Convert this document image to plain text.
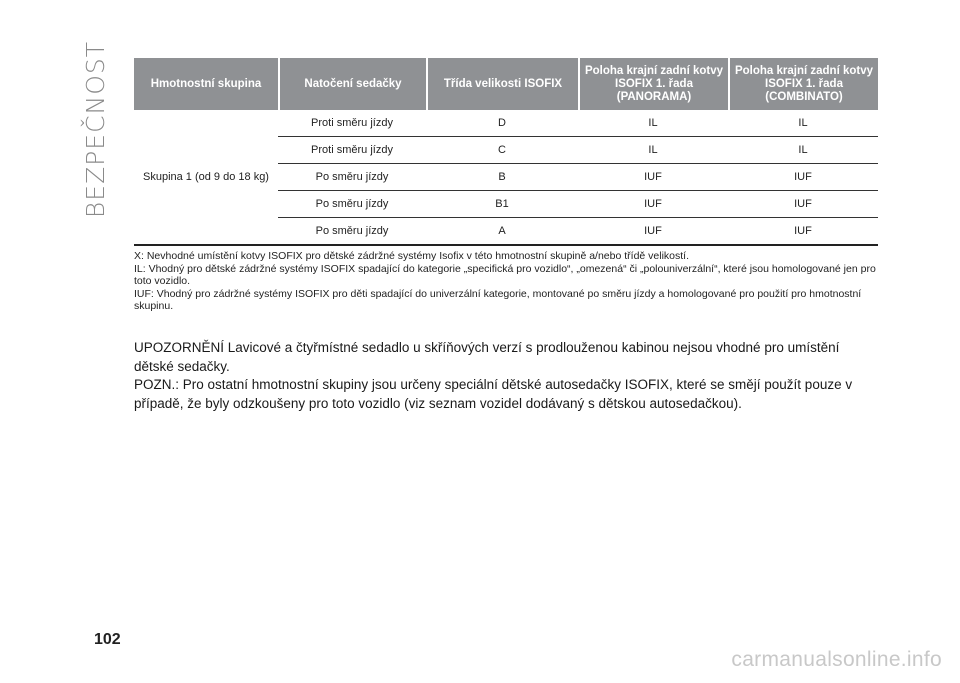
BEZPEČNOST	Hmotnostní skupina	Natočení sedačky	Třída velikosti ISOFIX	Poloha krajní zadní kotvy ISOFIX 1. řada (PANORAMA)	Poloha krajní zadní kotvy ISOFIX 1. řada (COMBINATO)
Skupina 1 (od 9 do 18 kg)	Proti směru jízdy	D	IL	IL
	Proti směru jízdy	C	IL	IL
	Po směru jízdy	B	IUF	IUF
	Po směru jízdy	B1	IUF	IUF
	Po směru jízdy	A	IUF	IUF

X: Nevhodné umístění kotvy ISOFIX pro dětské zádržné systémy Isofix v této hmotnostní skupině a/nebo třídě velikostí.

IL: Vhodný pro dětské zádržné systémy ISOFIX spadající do kategorie „specifická pro vozidlo“, „omezená“ či „polouniverzální“, které jsou homologované jen pro toto vozidlo.

IUF: Vhodný pro zádržné systémy ISOFIX pro děti spadající do univerzální kategorie, montované po směru jízdy a homologované pro použití pro hmotnostní skupinu.

UPOZORNĚNÍ Lavicové a čtyřmístné sedadlo u skříňových verzí s prodlouženou kabinou nejsou vhodné pro umístění dětské sedačky.

POZN.: Pro ostatní hmotnostní skupiny jsou určeny speciální dětské autosedačky ISOFIX, které se smějí použít pouze v případě, že byly odzkoušeny pro toto vozidlo (viz seznam vozidel dodávaný s dětskou autosedačkou).

102
carmanualsonline.info
